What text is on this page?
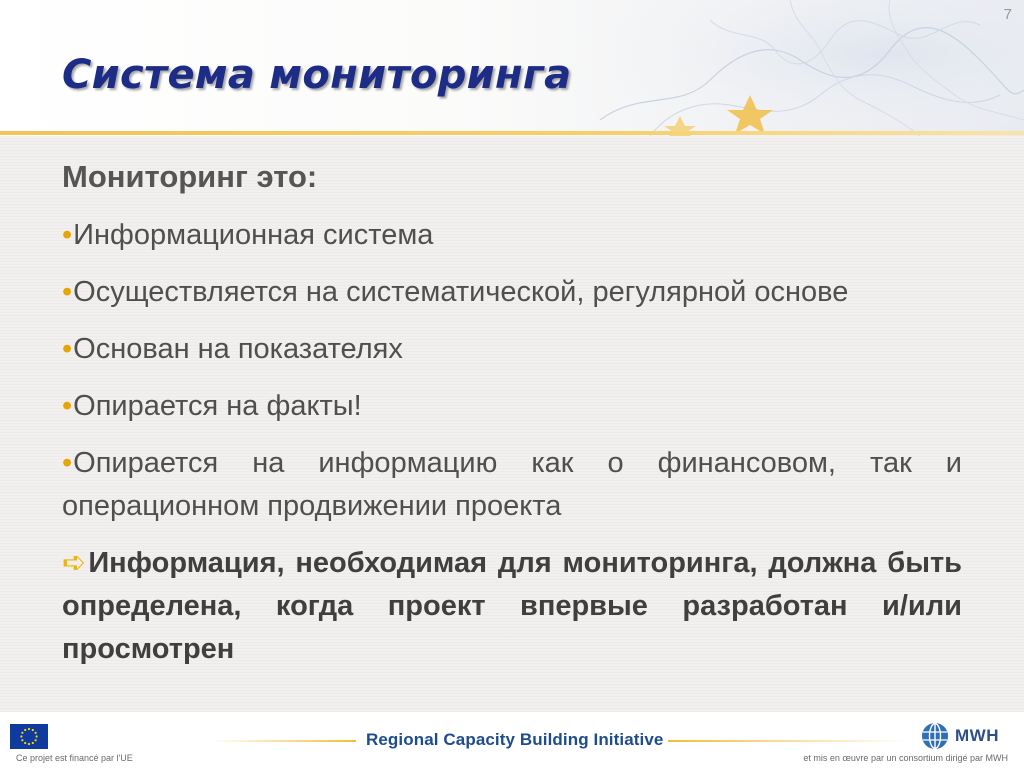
7
Система мониторинга

Мониторинг это:

•Информационная система
•Осуществляется на систематической, регулярной основе
•Основан на показателях
•Опирается на факты!
•Опирается на информацию как о финансовом, так и операционном продвижении проекта
➪Информация, необходимая для мониторинга, должна быть определена, когда проект впервые разработан и/или просмотрен
Regional Capacity Building Initiative	MWH
Ce projet est financé par l'UE	et mis en œuvre par un consortium dirigé par MWH
